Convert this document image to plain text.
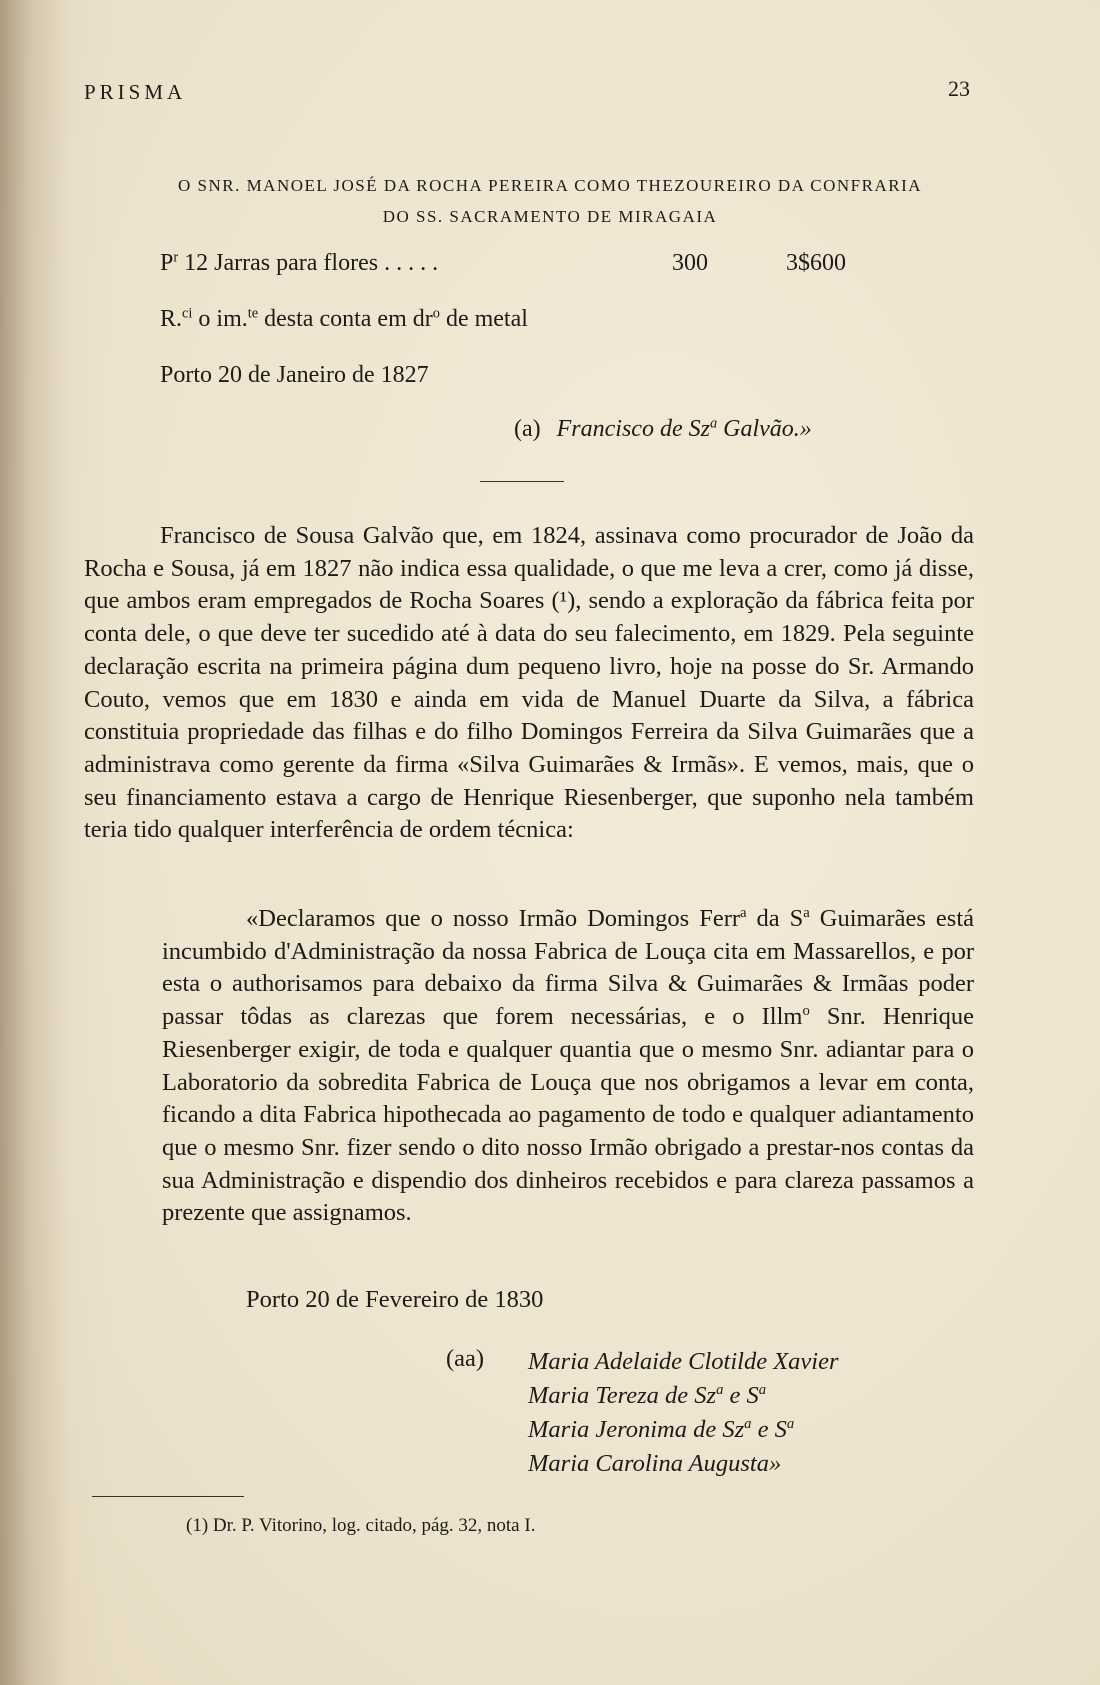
PRISMA	23
O SNR. MANOEL JOSÉ DA ROCHA PEREIRA COMO THEZOUREIRO DA CONFRARIA
DO SS. SACRAMENTO DE MIRAGAIA
$P^r$ 12 Jarras para flores . . . . .	300	3$600
R.$^{ci}$ o im.$^{te}$ desta conta em $dr^o$ de metal
Porto 20 de Janeiro de 1827
(a) Francisco de Sz$^a$ Galvão.»
Francisco de Sousa Galvão que, em 1824, assinava como procurador de João da Rocha e Sousa, já em 1827 não indica essa qualidade, o que me leva a crer, como já disse, que ambos eram empregados de Rocha Soares (¹), sendo a exploração da fábrica feita por conta dele, o que deve ter sucedido até à data do seu falecimento, em 1829. Pela seguinte declaração escrita na primeira página dum pequeno livro, hoje na posse do Sr. Armando Couto, vemos que em 1830 e ainda em vida de Manuel Duarte da Silva, a fábrica constituia propriedade das filhas e do filho Domingos Ferreira da Silva Guimarães que a administrava como gerente da firma «Silva Guimarães & Irmãs». E vemos, mais, que o seu financiamento estava a cargo de Henrique Riesenberger, que suponho nela também teria tido qualquer interferência de ordem técnica:
«Declaramos que o nosso Irmão Domingos Ferr$^a$ da $S^a$ Guimarães está incumbido d'Administração da nossa Fabrica de Louça cita em Massarellos, e por esta o authorisamos para debaixo da firma Silva & Guimarães & Irmãas poder passar tôdas as clarezas que forem necessárias, e o Illm$^o$ Snr. Henrique Riesenberger exigir, de toda e qualquer quantia que o mesmo Snr. adiantar para o Laboratorio da sobredita Fabrica de Louça que nos obrigamos a levar em conta, ficando a dita Fabrica hipothecada ao pagamento de todo e qualquer adiantamento que o mesmo Snr. fizer sendo o dito nosso Irmão obrigado a prestar-nos contas da sua Administração e dispendio dos dinheiros recebidos e para clareza passamos a prezente que assignamos.
Porto 20 de Fevereiro de 1830
(aa) Maria Adelaide Clotilde Xavier
Maria Tereza de Sz$^a$ e $S^a$
Maria Jeronima de Sz$^a$ e $S^a$
Maria Carolina Augusta»
(1) Dr. P. Vitorino, log. citado, pág. 32, nota I.
